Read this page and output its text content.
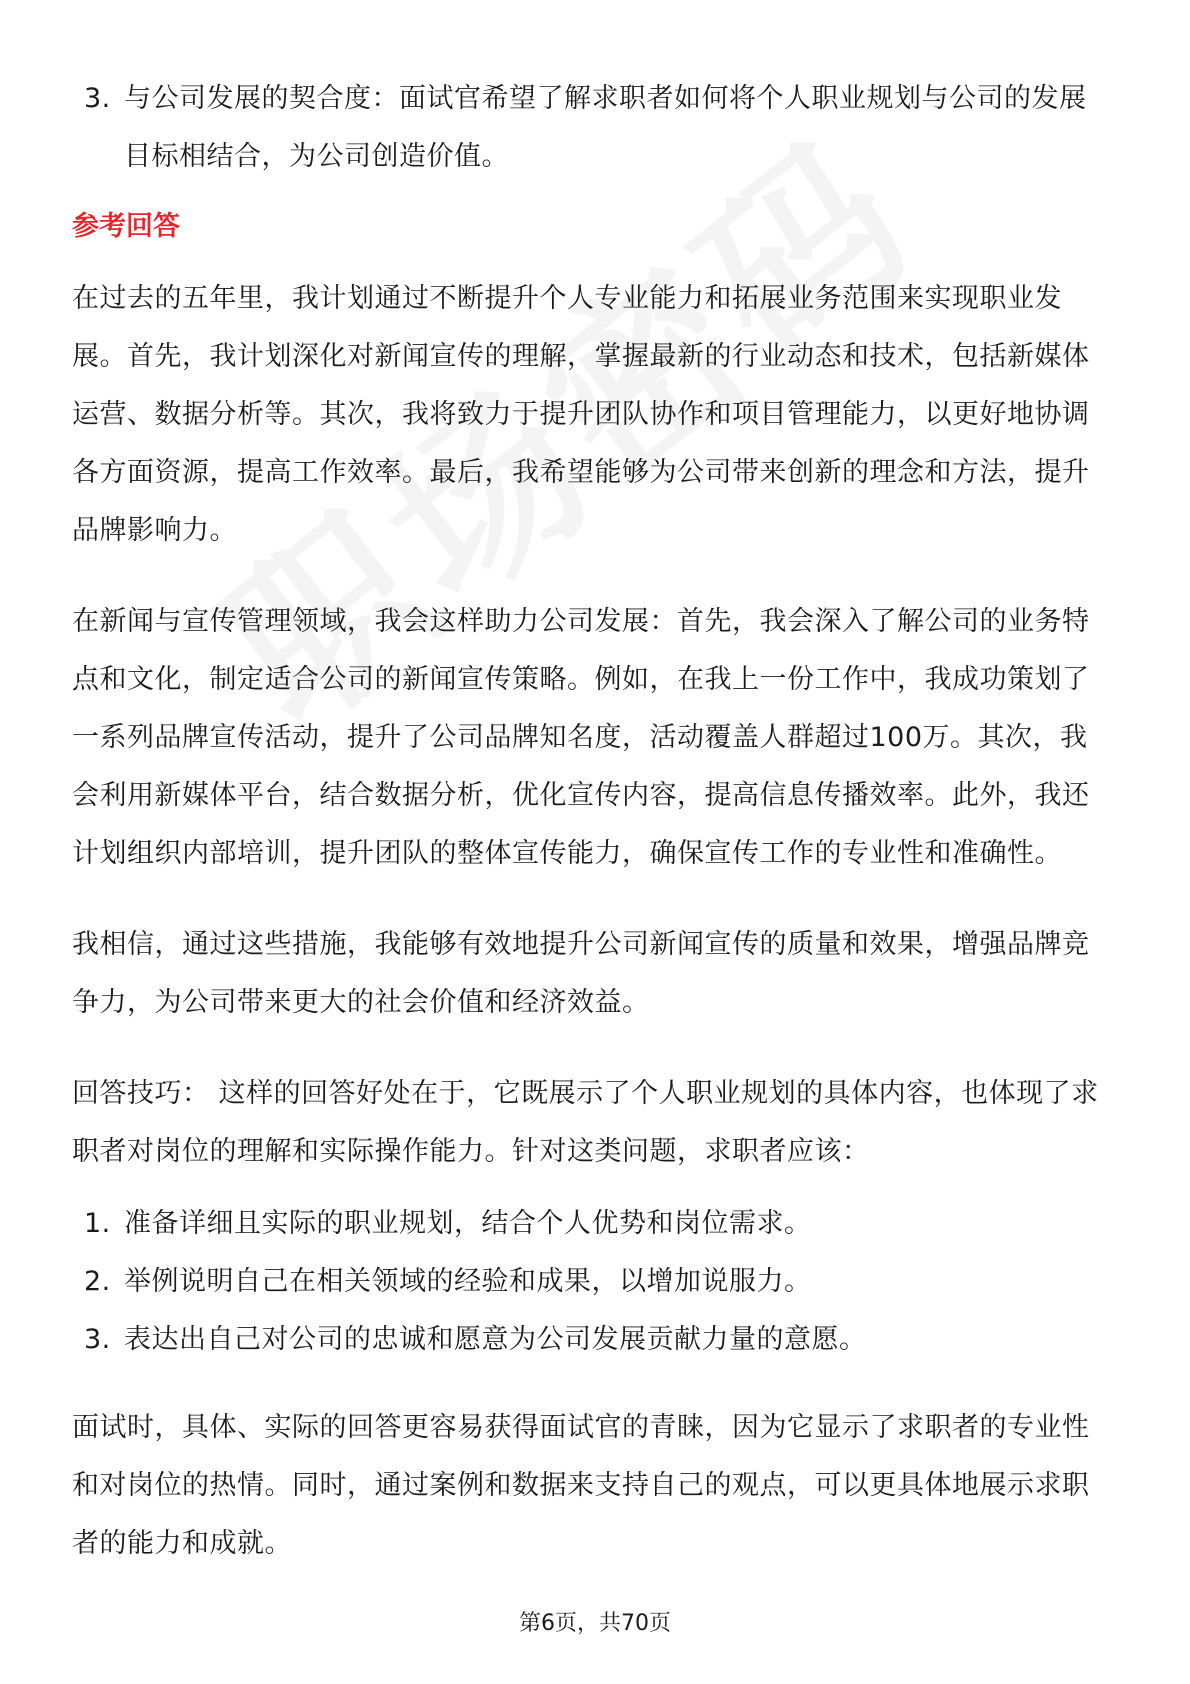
3. 与公司发展的契合度：面试官希望了解求职者如何将个人职业规划与公司的发展目标相结合，为公司创造价值。
参考回答

在过去的五年里，我计划通过不断提升个人专业能力和拓展业务范围来实现职业发展。首先，我计划深化对新闻宣传的理解，掌握最新的行业动态和技术，包括新媒体运营、数据分析等。其次，我将致力于提升团队协作和项目管理能力，以更好地协调各方面资源，提高工作效率。最后，我希望能够为公司带来创新的理念和方法，提升品牌影响力。

在新闻与宣传管理领域，我会这样助力公司发展：首先，我会深入了解公司的业务特点和文化，制定适合公司的新闻宣传策略。例如，在我上一份工作中，我成功策划了一系列品牌宣传活动，提升了公司品牌知名度，活动覆盖人群超过100万。其次，我会利用新媒体平台，结合数据分析，优化宣传内容，提高信息传播效率。此外，我还计划组织内部培训，提升团队的整体宣传能力，确保宣传工作的专业性和准确性。

我相信，通过这些措施，我能够有效地提升公司新闻宣传的质量和效果，增强品牌竞争力，为公司带来更大的社会价值和经济效益。

回答技巧： 这样的回答好处在于，它既展示了个人职业规划的具体内容，也体现了求职者对岗位的理解和实际操作能力。针对这类问题，求职者应该：

1. 准备详细且实际的职业规划，结合个人优势和岗位需求。
2. 举例说明自己在相关领域的经验和成果，以增加说服力。
3. 表达出自己对公司的忠诚和愿意为公司发展贡献力量的意愿。

面试时，具体、实际的回答更容易获得面试官的青睐，因为它显示了求职者的专业性和对岗位的热情。同时，通过案例和数据来支持自己的观点，可以更具体地展示求职者的能力和成就。

第6页，共70页
